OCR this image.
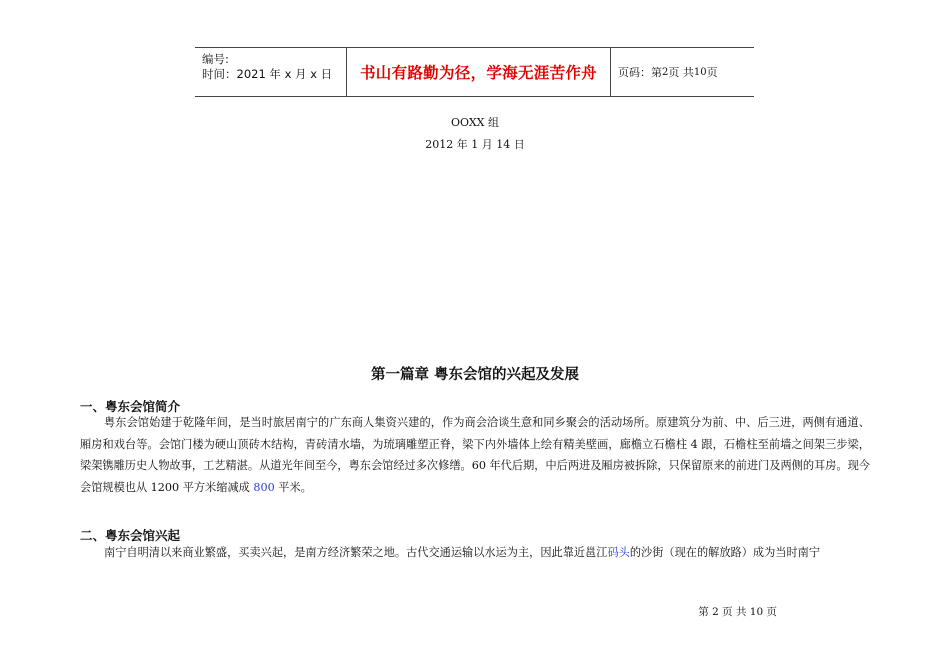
编号:
时间：2021 年 x 月 x 日	书山有路勤为径，学海无涯苦作舟	页码：第 2 页 共 10 页
OOXX 组
2012 年 1 月 14 日
第一篇章 粤东会馆的兴起及发展
一、粤东会馆简介

粤东会馆始建于乾隆年间，是当时旅居南宁的广东商人集资兴建的，作为商会洽谈生意和同乡聚会的活动场所。原建筑分为前、中、后三进，两侧有通道、厢房和戏台等。会馆门楼为硬山顶砖木结构，青砖清水墙，为琉璃雕塑正脊，梁下内外墙体上绘有精美壁画，廊檐立石檐柱 4 跟，石檐柱至前墙之间架三步梁，梁架镌雕历史人物故事，工艺精湛。从道光年间至今，粤东会馆经过多次修缮。60 年代后期，中后两进及厢房被拆除，只保留原来的前进门及两侧的耳房。现今会馆规模也从 1200 平方米缩减成 800 平米。

二、粤东会馆兴起

南宁自明清以来商业繁盛，买卖兴起，是南方经济繁荣之地。古代交通运输以水运为主，因此靠近邕江码头的沙街（现在的解放路）成为当时南宁

第 2 页 共 10 页
